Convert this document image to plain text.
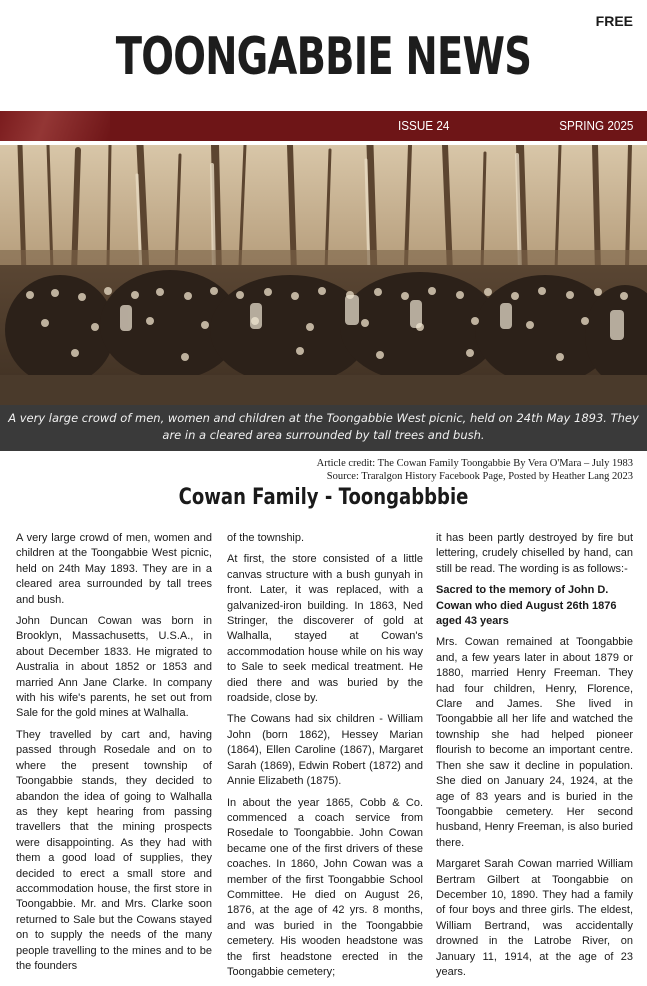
FREE
TOONGABBIE NEWS
ISSUE 24	SPRING 2025
A very large crowd of men, women and children at the Toongabbie West picnic, held on 24th May 1893. They are in a cleared area surrounded by tall trees and bush.
Article credit: The Cowan Family Toongabbie By Vera O'Mara – July 1983
Source: Traralgon History Facebook Page, Posted by Heather Lang 2023
Cowan Family - Toongabbbie

A very large crowd of men, women and children at the Toongabbie West picnic, held on 24th May 1893. They are in a cleared area surrounded by tall trees and bush.

John Duncan Cowan was born in Brooklyn, Massachusetts, U.S.A., in about December 1833. He migrated to Australia in about 1852 or 1853 and married Ann Jane Clarke. In company with his wife's parents, he set out from Sale for the gold mines at Walhalla.

They travelled by cart and, having passed through Rosedale and on to where the present township of Toongabbie stands, they decided to abandon the idea of going to Walhalla as they kept hearing from passing travellers that the mining prospects were disappointing. As they had with them a good load of supplies, they decided to erect a small store and accommodation house, the first store in Toongabbie. Mr. and Mrs. Clarke soon returned to Sale but the Cowans stayed on to supply the needs of the many people travelling to the mines and to be the founders

of the township.

At first, the store consisted of a little canvas structure with a bush gunyah in front. Later, it was replaced, with a galvanized-iron building. In 1863, Ned Stringer, the discoverer of gold at Walhalla, stayed at Cowan's accommodation house while on his way to Sale to seek medical treatment. He died there and was buried by the roadside, close by.

The Cowans had six children - William John (born 1862), Hessey Marian (1864), Ellen Caroline (1867), Margaret Sarah (1869), Edwin Robert (1872) and Annie Elizabeth (1875).

In about the year 1865, Cobb & Co. commenced a coach service from Rosedale to Toongabbie. John Cowan became one of the first drivers of these coaches. In 1860, John Cowan was a member of the first Toongabbie School Committee. He died on August 26, 1876, at the age of 42 yrs. 8 months, and was buried in the Toongabbie cemetery. His wooden headstone was the first headstone erected in the Toongabbie cemetery;

it has been partly destroyed by fire but lettering, crudely chiselled by hand, can still be read. The wording is as follows:-

Sacred to the memory of John D. Cowan who died August 26th 1876 aged 43 years

Mrs. Cowan remained at Toongabbie and, a few years later in about 1879 or 1880, married Henry Freeman. They had four children, Henry, Florence, Clare and James. She lived in Toongabbie all her life and watched the township she had helped pioneer flourish to become an important centre. Then she saw it decline in population. She died on January 24, 1924, at the age of 83 years and is buried in the Toongabbie cemetery. Her second husband, Henry Freeman, is also buried there.

Margaret Sarah Cowan married William Bertram Gilbert at Toongabbie on December 10, 1890. They had a family of four boys and three girls. The eldest, William Bertrand, was accidentally drowned in the Latrobe River, on January 11, 1914, at the age of 23 years.
